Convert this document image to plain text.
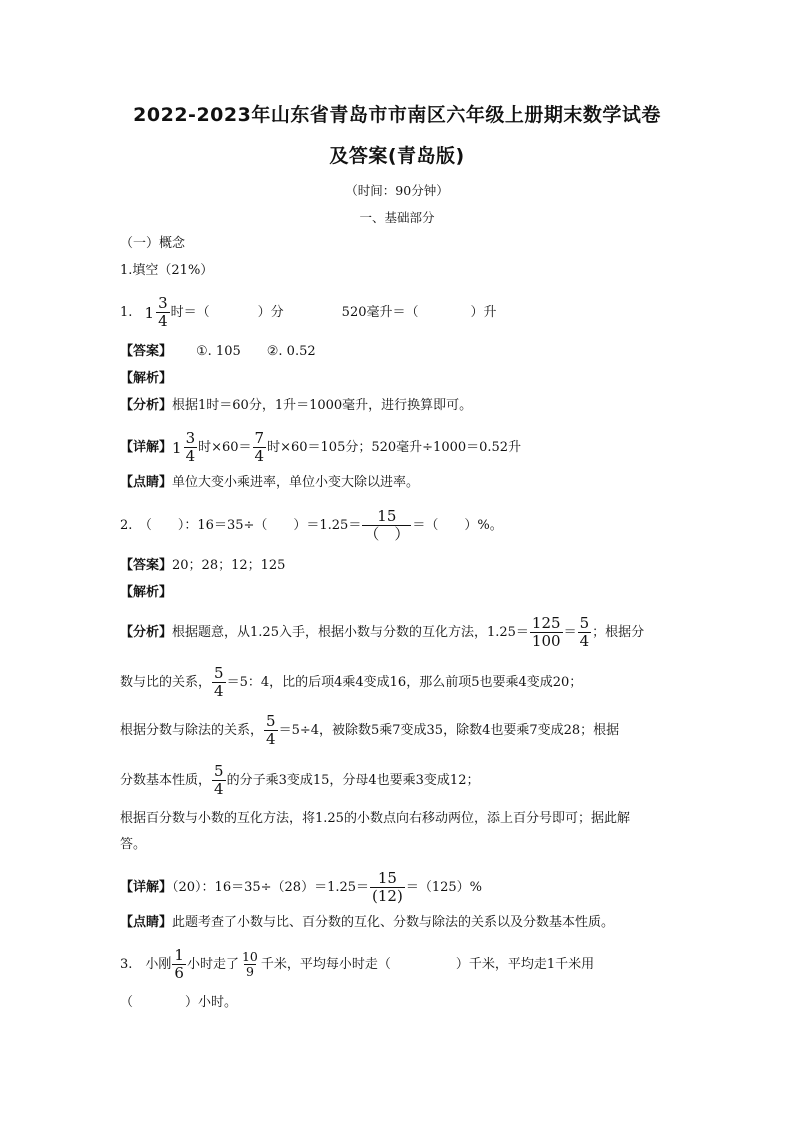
2022-2023年山东省青岛市市南区六年级上册期末数学试卷
及答案(青岛版)
（时间：90分钟）
一、基础部分
（一）概念
1.填空（21%）
1. $1 \frac{3}{4}$ 时＝（	）分	520毫升＝（	）升
【答案】 ①. 105　　②. 0.52
【解析】
【分析】根据1时＝60分，1升＝1000毫升，进行换算即可。
【详解】 $1 \frac{3}{4}$ 时$\times 60= \frac{7}{4}$ 时×60＝105分；520毫升÷1000＝0.52升
【点睛】单位大变小乘进率，单位小变大除以进率。
2.　（　　）：16＝35÷（　　）$=1.25= \frac{15}{( )}$ ＝（　　）%。
【答案】20；28；12；125
【解析】
【分析】根据题意，从1.25入手，根据小数与分数的互化方法，$1.25= \frac{125}{100} = \frac{5}{4}$ ；根据分
数与比的关系， $\frac{5}{4} =5$：4，比的后项4乘4变成16，那么前项5也要乘4变成20；
根据分数与除法的关系， $\frac{5}{4} =5\div 4$，被除数5乘7变成35，除数4也要乘7变成28；根据
分数基本性质， $\frac{5}{4}$ 的分子乘3变成15，分母4也要乘3变成12；
根据百分数与小数的互化方法，将1.25的小数点向右移动两位，添上百分号即可；据此解
答。
【详解】（20）：$16=35\div(28)=1.25= \frac{15}{(12)} =(125)\%$
【点睛】此题考查了小数与比、百分数的互化、分数与除法的关系以及分数基本性质。
3.　小刚 $\frac{1}{6}$ 小时走了 $\frac{10}{9}$ 千米，平均每小时走（　　　　　）千米，平均走1千米用
（　　　　）小时。
